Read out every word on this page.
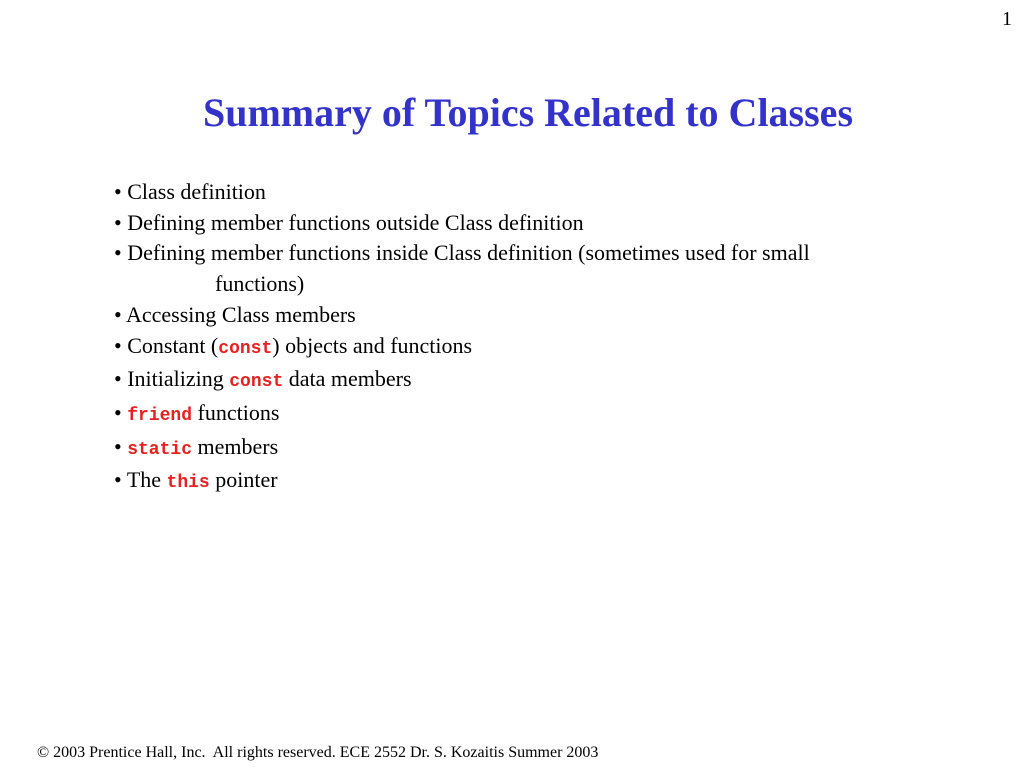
1
Summary of Topics Related to Classes
• Class definition
• Defining member functions outside Class definition
• Defining member functions inside Class definition (sometimes used for small
functions)
• Accessing Class members
• Constant (const) objects and functions
• Initializing const data members
• friend functions
• static members
• The this pointer
© 2003 Prentice Hall, Inc.  All rights reserved. ECE 2552 Dr. S. Kozaitis Summer 2003
